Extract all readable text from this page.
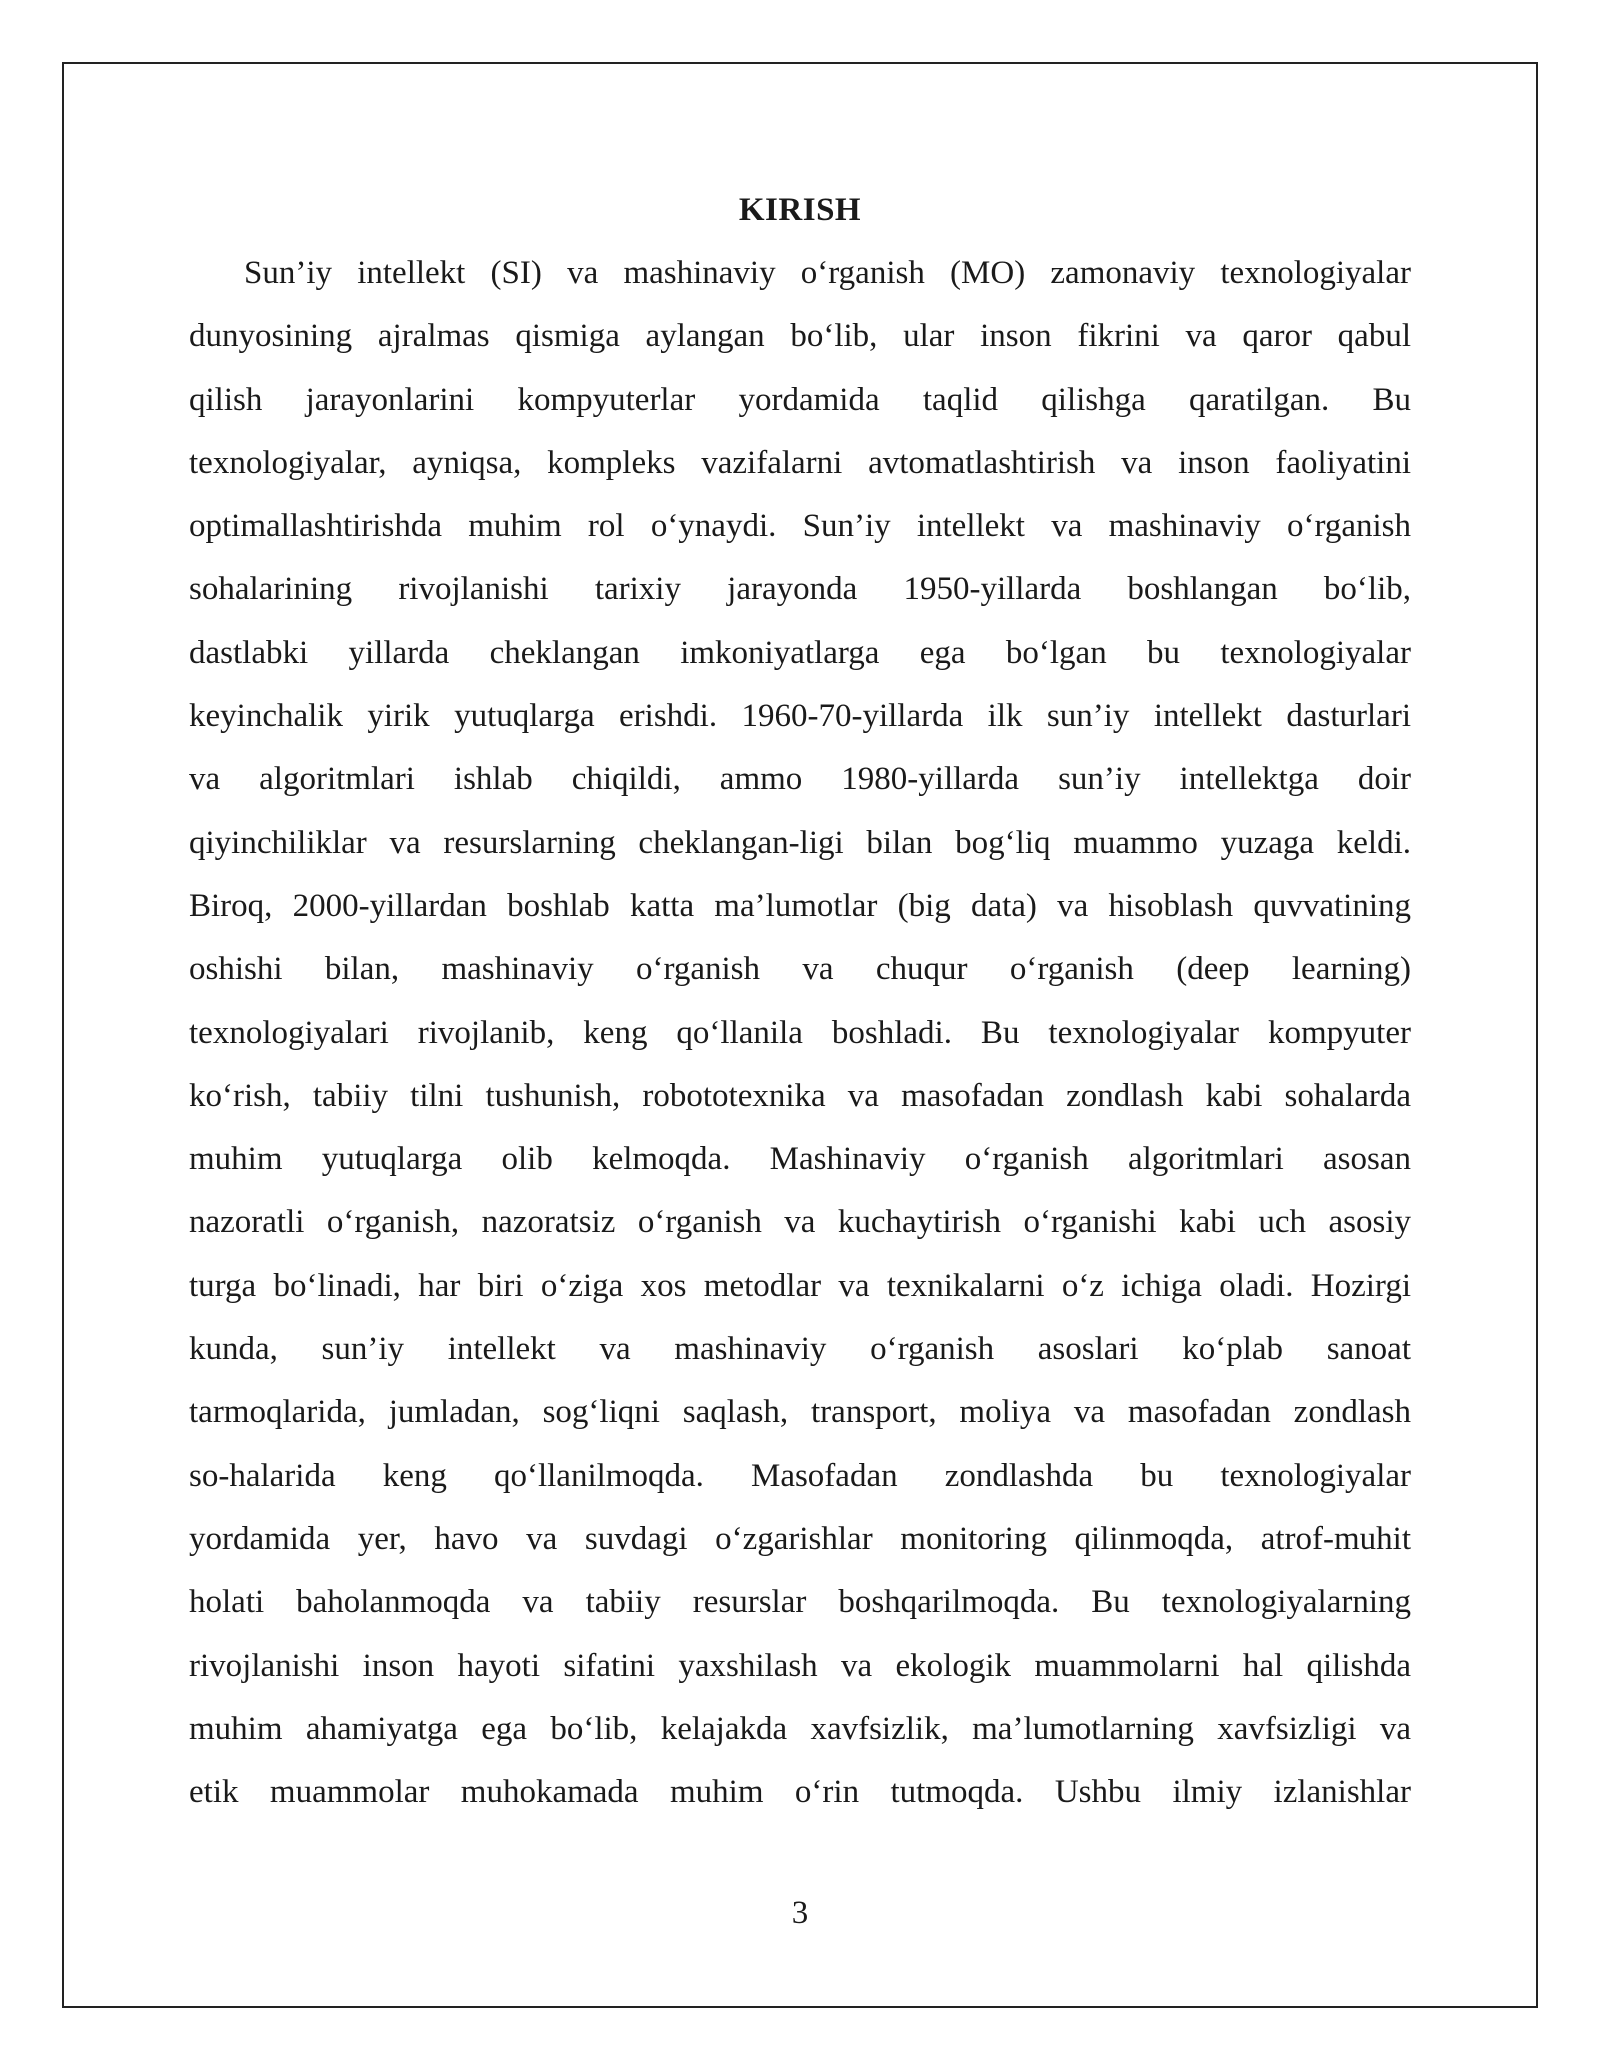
KIRISH
Sun’iy intellekt (SI) va mashinaviy o‘rganish (MO) zamonaviy texnologiyalar
dunyosining ajralmas qismiga aylangan bo‘lib, ular inson fikrini va qaror qabul
qilish jarayonlarini kompyuterlar yordamida taqlid qilishga qaratilgan. Bu
texnologiyalar, ayniqsa, kompleks vazifalarni avtomatlashtirish va inson faoliyatini
optimallashtirishda muhim rol o‘ynaydi. Sun’iy intellekt va mashinaviy o‘rganish
sohalarining rivojlanishi tarixiy jarayonda 1950-yillarda boshlangan bo‘lib,
dastlabki yillarda cheklangan imkoniyatlarga ega bo‘lgan bu texnologiyalar
keyinchalik yirik yutuqlarga erishdi. 1960-70-yillarda ilk sun’iy intellekt dasturlari
va algoritmlari ishlab chiqildi, ammo 1980-yillarda sun’iy intellektga doir
qiyinchiliklar va resurslarning cheklangan-ligi bilan bog‘liq muammo yuzaga keldi.
Biroq, 2000-yillardan boshlab katta ma’lumotlar (big data) va hisoblash quvvatining
oshishi bilan, mashinaviy o‘rganish va chuqur o‘rganish (deep learning)
texnologiyalari rivojlanib, keng qo‘llanila boshladi. Bu texnologiyalar kompyuter
ko‘rish, tabiiy tilni tushunish, robototexnika va masofadan zondlash kabi sohalarda
muhim yutuqlarga olib kelmoqda. Mashinaviy o‘rganish algoritmlari asosan
nazoratli o‘rganish, nazoratsiz o‘rganish va kuchaytirish o‘rganishi kabi uch asosiy
turga bo‘linadi, har biri o‘ziga xos metodlar va texnikalarni o‘z ichiga oladi. Hozirgi
kunda, sun’iy intellekt va mashinaviy o‘rganish asoslari ko‘plab sanoat
tarmoqlarida, jumladan, sog‘liqni saqlash, transport, moliya va masofadan zondlash
so-halarida keng qo‘llanilmoqda. Masofadan zondlashda bu texnologiyalar
yordamida yer, havo va suvdagi o‘zgarishlar monitoring qilinmoqda, atrof-muhit
holati baholanmoqda va tabiiy resurslar boshqarilmoqda. Bu texnologiyalarning
rivojlanishi inson hayoti sifatini yaxshilash va ekologik muammolarni hal qilishda
muhim ahamiyatga ega bo‘lib, kelajakda xavfsizlik, ma’lumotlarning xavfsizligi va
etik muammolar muhokamada muhim o‘rin tutmoqda. Ushbu ilmiy izlanishlar
3
